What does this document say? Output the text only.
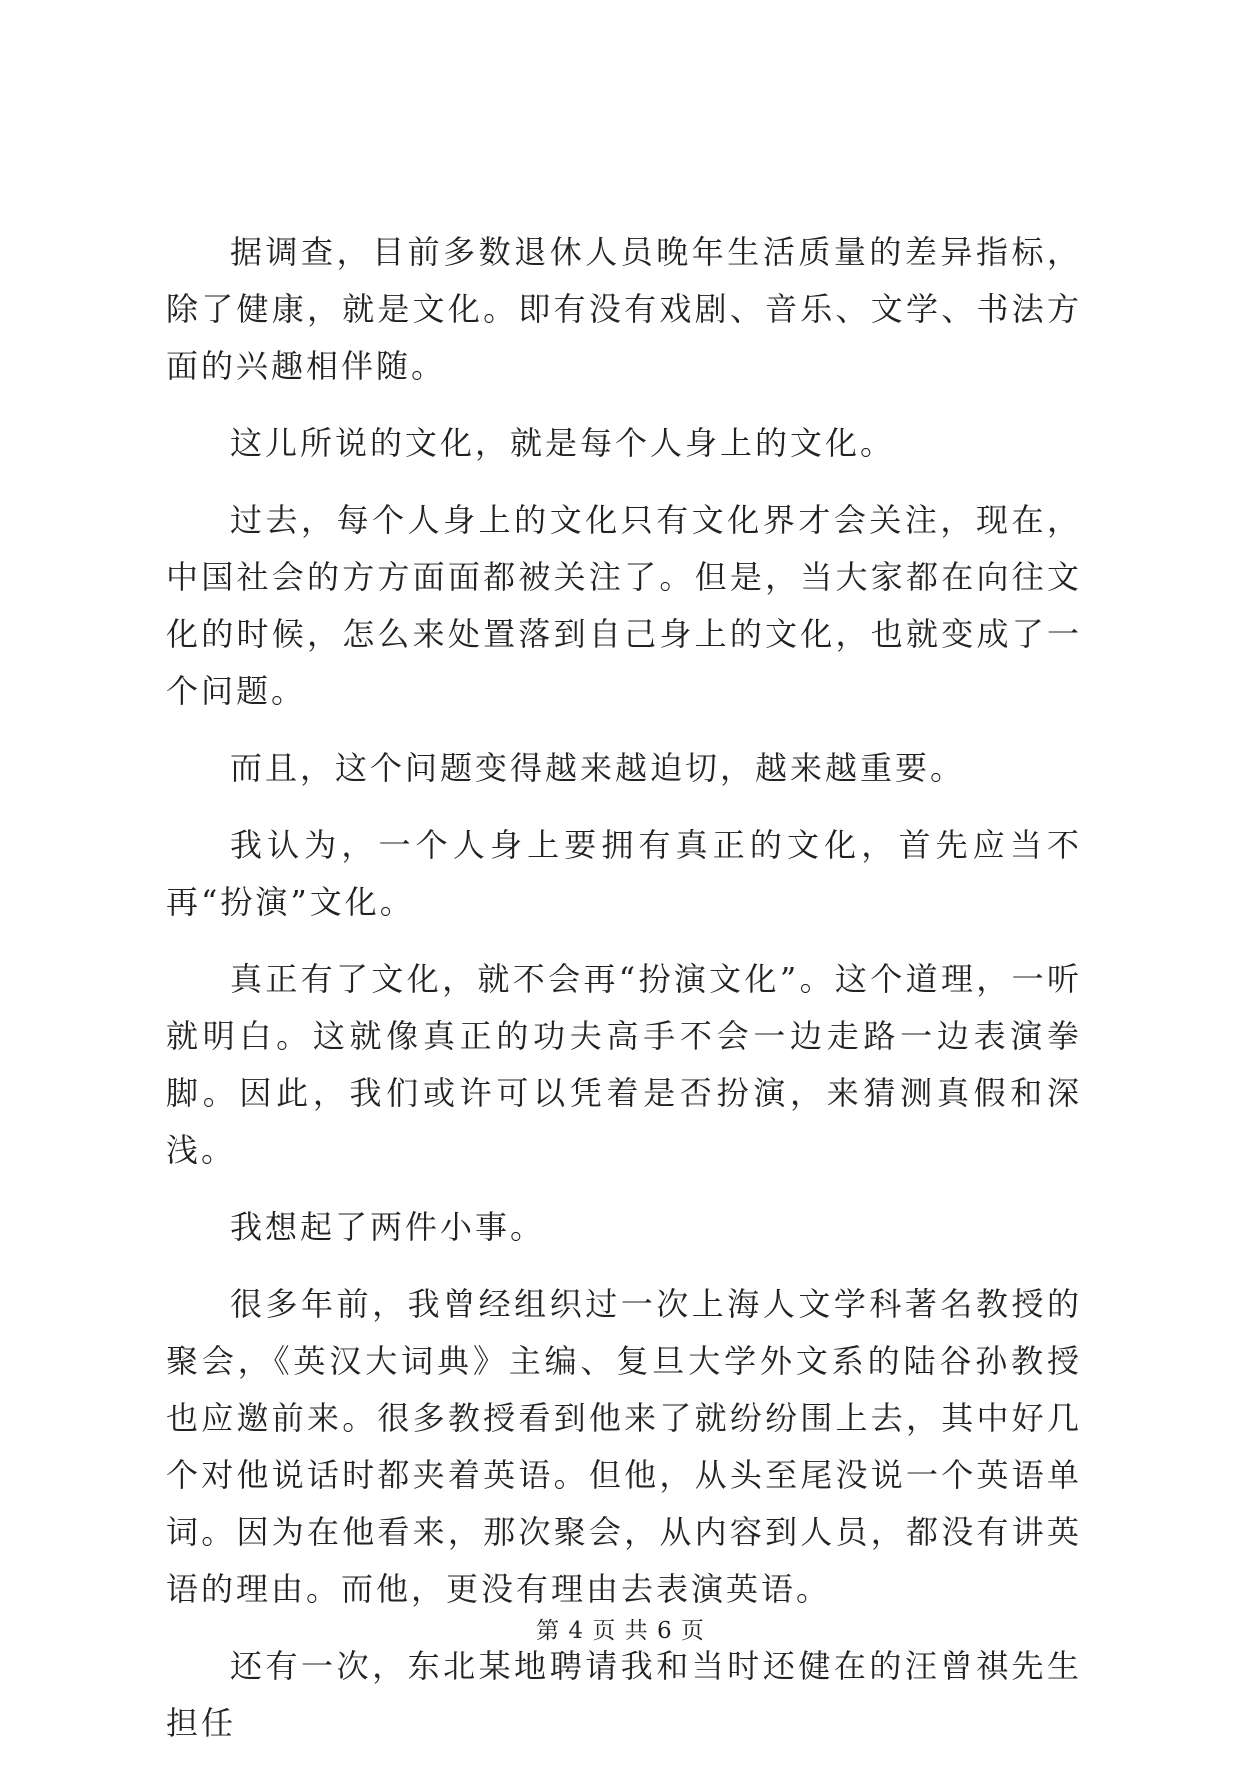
据调查，目前多数退休人员晚年生活质量的差异指标，除了健康，就是文化。即有没有戏剧、音乐、文学、书法方面的兴趣相伴随。

这儿所说的文化，就是每个人身上的文化。

过去，每个人身上的文化只有文化界才会关注，现在，中国社会的方方面面都被关注了。但是，当大家都在向往文化的时候，怎么来处置落到自己身上的文化，也就变成了一个问题。

而且，这个问题变得越来越迫切，越来越重要。

我认为，一个人身上要拥有真正的文化，首先应当不再“扮演”文化。

真正有了文化，就不会再“扮演文化”。这个道理，一听就明白。这就像真正的功夫高手不会一边走路一边表演拳脚。因此，我们或许可以凭着是否扮演，来猜测真假和深浅。

我想起了两件小事。

很多年前，我曾经组织过一次上海人文学科著名教授的聚会，《英汉大词典》主编、复旦大学外文系的陆谷孙教授也应邀前来。很多教授看到他来了就纷纷围上去，其中好几个对他说话时都夹着英语。但他，从头至尾没说一个英语单词。因为在他看来，那次聚会，从内容到人员，都没有讲英语的理由。而他，更没有理由去表演英语。

还有一次，东北某地聘请我和当时还健在的汪曾祺先生担任

第 4 页 共 6 页
